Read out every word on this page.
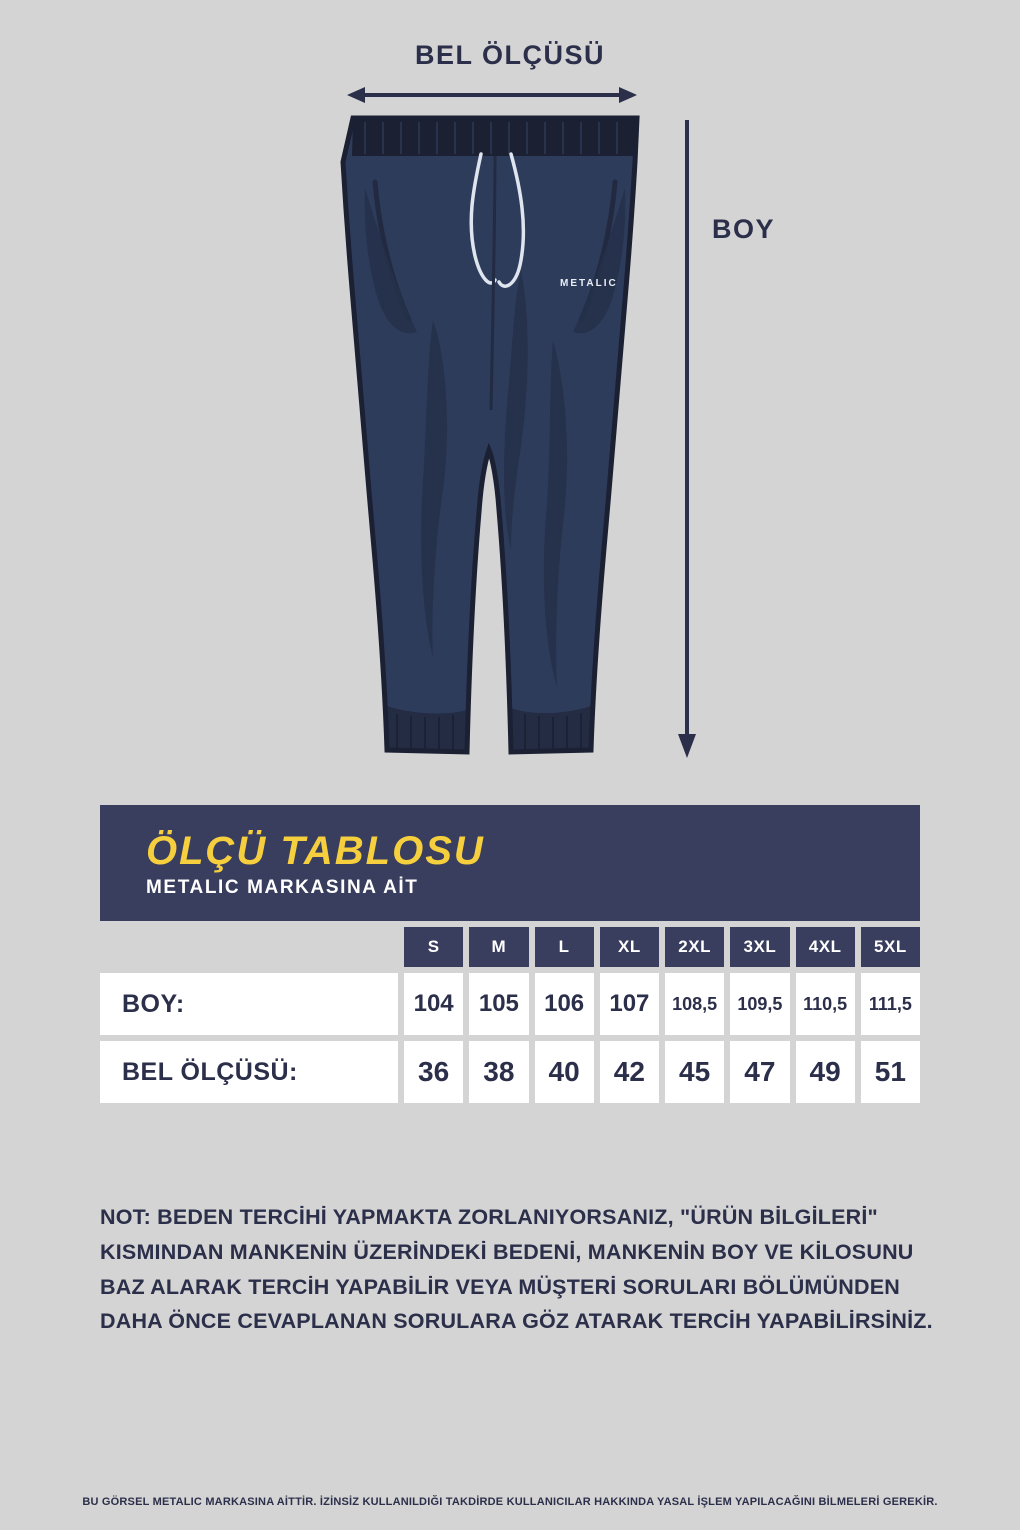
BEL ÖLÇÜSÜ
BOY
METALIC
ÖLÇÜ TABLOSU
METALIC MARKASINA AİT
S	M	L	XL	2XL	3XL	4XL	5XL
BOY:	104	105	106	107	108,5	109,5	110,5	111,5
BEL ÖLÇÜSÜ:	36	38	40	42	45	47	49	51

NOT: BEDEN TERCİHİ YAPMAKTA ZORLANIYORSANIZ, "ÜRÜN BİLGİLERİ"

KISMINDAN MANKENİN ÜZERİNDEKİ BEDENİ, MANKENİN BOY VE KİLOSUNU

BAZ ALARAK TERCİH YAPABİLİR VEYA MÜŞTERİ SORULARI BÖLÜMÜNDEN

DAHA ÖNCE CEVAPLANAN SORULARA GÖZ ATARAK TERCİH YAPABİLİRSİNİZ.

BU GÖRSEL METALIC MARKASINA AİTTİR. İZİNSİZ KULLANILDIĞI TAKDİRDE KULLANICILAR HAKKINDA YASAL İŞLEM YAPILACAĞINI BİLMELERİ GEREKİR.
